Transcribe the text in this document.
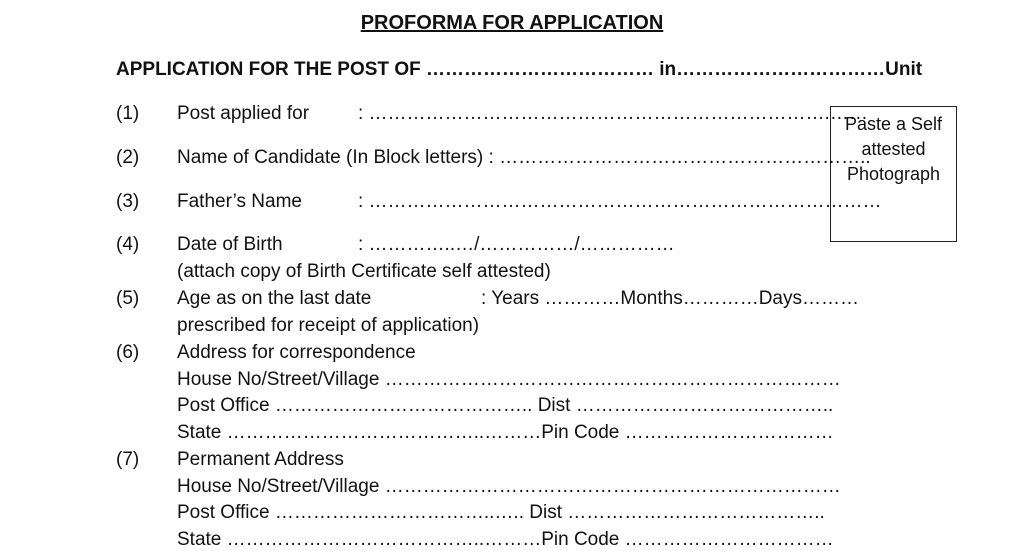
PROFORMA FOR APPLICATION
APPLICATION FOR THE POST OF ……………………………… in……………………………Unit
Paste a Self
attested
Photograph
(1) Post applied for	: ……………………………………………………………….……
(2) Name of Candidate (In Block letters) : …………………………………………………..
(3) Father’s Name	: ………………………………………………………………………
(4) Date of Birth	: …………..…/……………/……………
(attach copy of Birth Certificate self attested)
(5) Age as on the last date	: Years …………Months…………Days………
prescribed for receipt of application)
(6) Address for correspondence
House No/Street/Village ………………………………………………………………
Post Office ………………………………….. Dist …………………………………..
State …………………………………..………Pin Code ……………………………
(7) Permanent Address
House No/Street/Village ………………………………………………………………
Post Office ……………………………..….. Dist …………………………………..
State …………………………………..………Pin Code ……………………………
